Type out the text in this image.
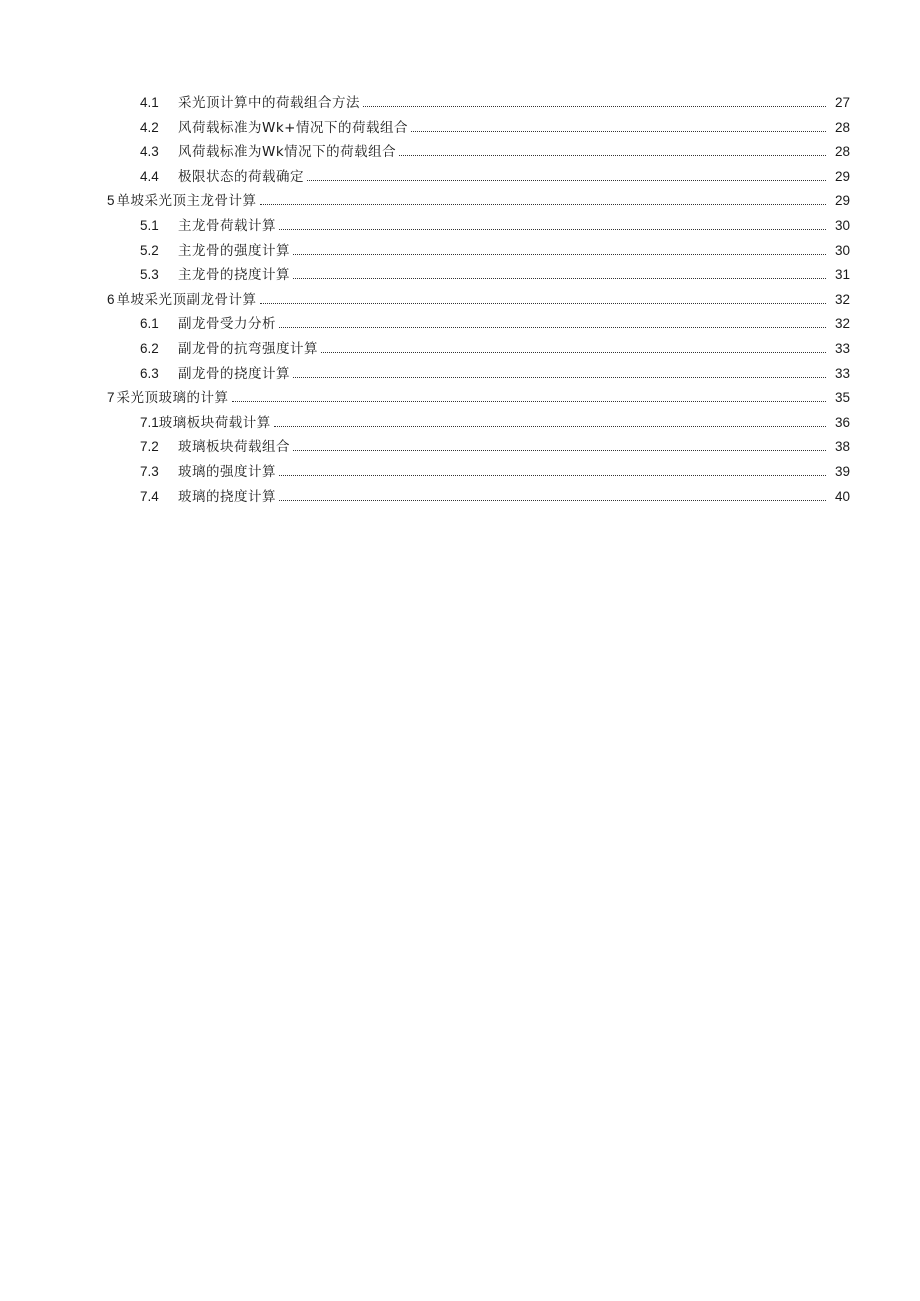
4.1	采光顶计算中的荷载组合方法	27
4.2	风荷载标准为Wk+情况下的荷载组合	28
4.3	风荷载标准为Wk情况下的荷载组合	28
4.4	极限状态的荷载确定	29
5 单坡采光顶主龙骨计算	29
5.1	主龙骨荷载计算	30
5.2	主龙骨的强度计算	30
5.3	主龙骨的挠度计算	31
6 单坡采光顶副龙骨计算	32
6.1	副龙骨受力分析	32
6.2	副龙骨的抗弯强度计算	33
6.3	副龙骨的挠度计算	33
7 采光顶玻璃的计算	35
7.1 玻璃板块荷载计算	36
7.2	玻璃板块荷载组合	38
7.3	玻璃的强度计算	39
7.4	玻璃的挠度计算	40
